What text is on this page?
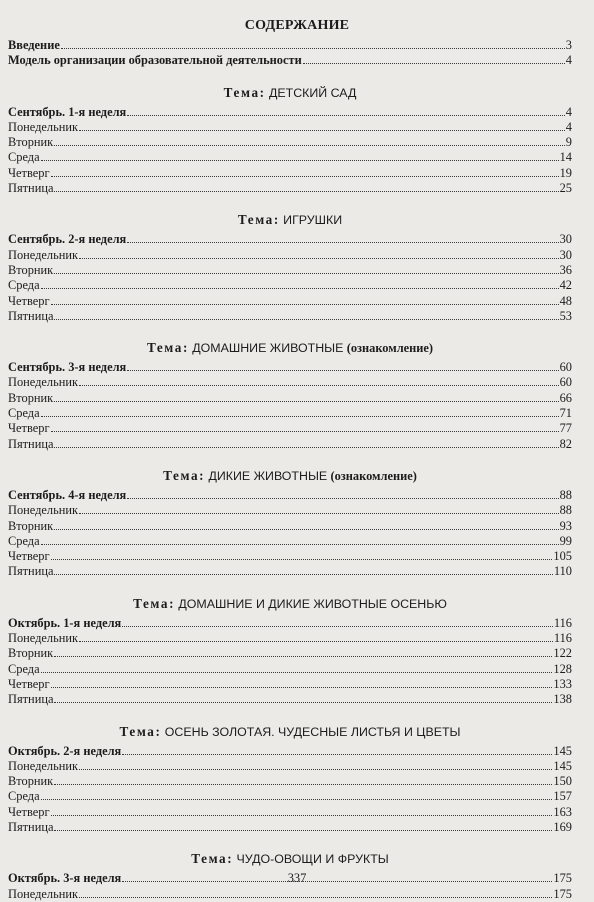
СОДЕРЖАНИЕ
Введение	3
Модель организации образовательной деятельности	4
Тема: ДЕТСКИЙ САД
Сентябрь. 1-я неделя	4
Понедельник	4
Вторник	9
Среда	14
Четверг	19
Пятница	25
Тема: ИГРУШКИ
Сентябрь. 2-я неделя	30
Понедельник	30
Вторник	36
Среда	42
Четверг	48
Пятница	53
Тема: ДОМАШНИЕ ЖИВОТНЫЕ (ознакомление)
Сентябрь. 3-я неделя	60
Понедельник	60
Вторник	66
Среда	71
Четверг	77
Пятница	82
Тема: ДИКИЕ ЖИВОТНЫЕ (ознакомление)
Сентябрь. 4-я неделя	88
Понедельник	88
Вторник	93
Среда	99
Четверг	105
Пятница	110
Тема: ДОМАШНИЕ И ДИКИЕ ЖИВОТНЫЕ ОСЕНЬЮ
Октябрь. 1-я неделя	116
Понедельник	116
Вторник	122
Среда	128
Четверг	133
Пятница	138
Тема: ОСЕНЬ ЗОЛОТАЯ. ЧУДЕСНЫЕ ЛИСТЬЯ И ЦВЕТЫ
Октябрь. 2-я неделя	145
Понедельник	145
Вторник	150
Среда	157
Четверг	163
Пятница	169
Тема: ЧУДО-ОВОЩИ И ФРУКТЫ
Октябрь. 3-я неделя	175
Понедельник	175
337
